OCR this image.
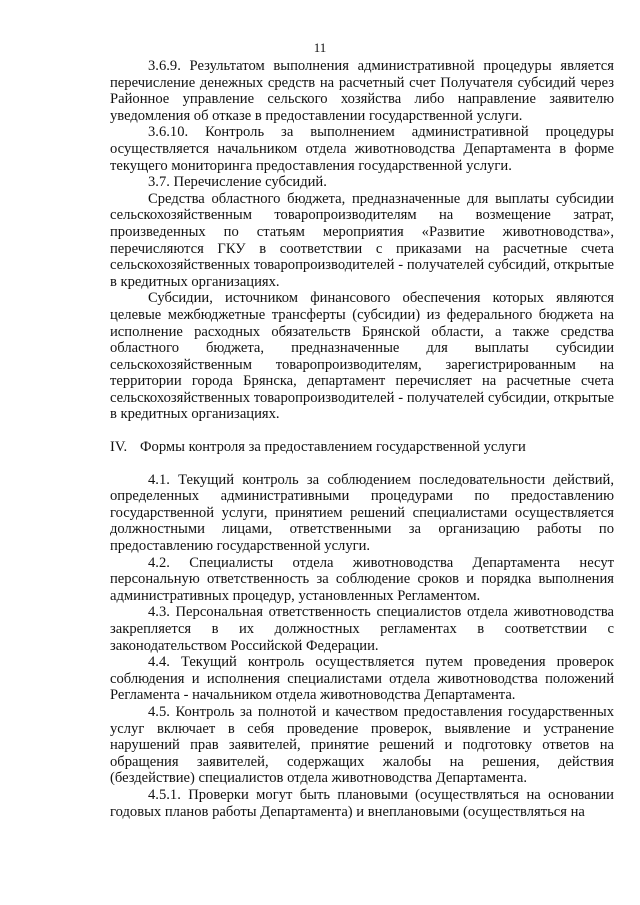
11

3.6.9. Результатом выполнения административной процедуры является перечисление денежных средств на расчетный счет Получателя субсидий через Районное управление сельского хозяйства либо направление заявителю уведомления об отказе в предоставлении государственной услуги.

3.6.10. Контроль за выполнением административной процедуры осуществляется начальником отдела животноводства Департамента в форме текущего мониторинга предоставления государственной услуги.

3.7. Перечисление субсидий.

Средства областного бюджета, предназначенные для выплаты субсидии сельскохозяйственным товаропроизводителям на возмещение затрат, произведенных по статьям мероприятия «Развитие животноводства», перечисляются ГКУ в соответствии с приказами на расчетные счета сельскохозяйственных товаропроизводителей - получателей субсидий, открытые в кредитных организациях.

Субсидии, источником финансового обеспечения которых являются целевые межбюджетные трансферты (субсидии) из федерального бюджета на исполнение расходных обязательств Брянской области, а также средства областного бюджета, предназначенные для выплаты субсидии сельскохозяйственным товаропроизводителям, зарегистрированным на территории города Брянска, департамент перечисляет на расчетные счета сельскохозяйственных товаропроизводителей - получателей субсидии, открытые в кредитных организациях.

IV. Формы контроля за предоставлением государственной услуги

4.1. Текущий контроль за соблюдением последовательности действий, определенных административными процедурами по предоставлению государственной услуги, принятием решений специалистами осуществляется должностными лицами, ответственными за организацию работы по предоставлению государственной услуги.

4.2. Специалисты отдела животноводства Департамента несут персональную ответственность за соблюдение сроков и порядка выполнения административных процедур, установленных Регламентом.

4.3. Персональная ответственность специалистов отдела животноводства закрепляется в их должностных регламентах в соответствии с законодательством Российской Федерации.

4.4. Текущий контроль осуществляется путем проведения проверок соблюдения и исполнения специалистами отдела животноводства положений Регламента - начальником отдела животноводства Департамента.

4.5. Контроль за полнотой и качеством предоставления государственных услуг включает в себя проведение проверок, выявление и устранение нарушений прав заявителей, принятие решений и подготовку ответов на обращения заявителей, содержащих жалобы на решения, действия (бездействие) специалистов отдела животноводства Департамента.

4.5.1. Проверки могут быть плановыми (осуществляться на основании годовых планов работы Департамента) и внеплановыми (осуществляться на
